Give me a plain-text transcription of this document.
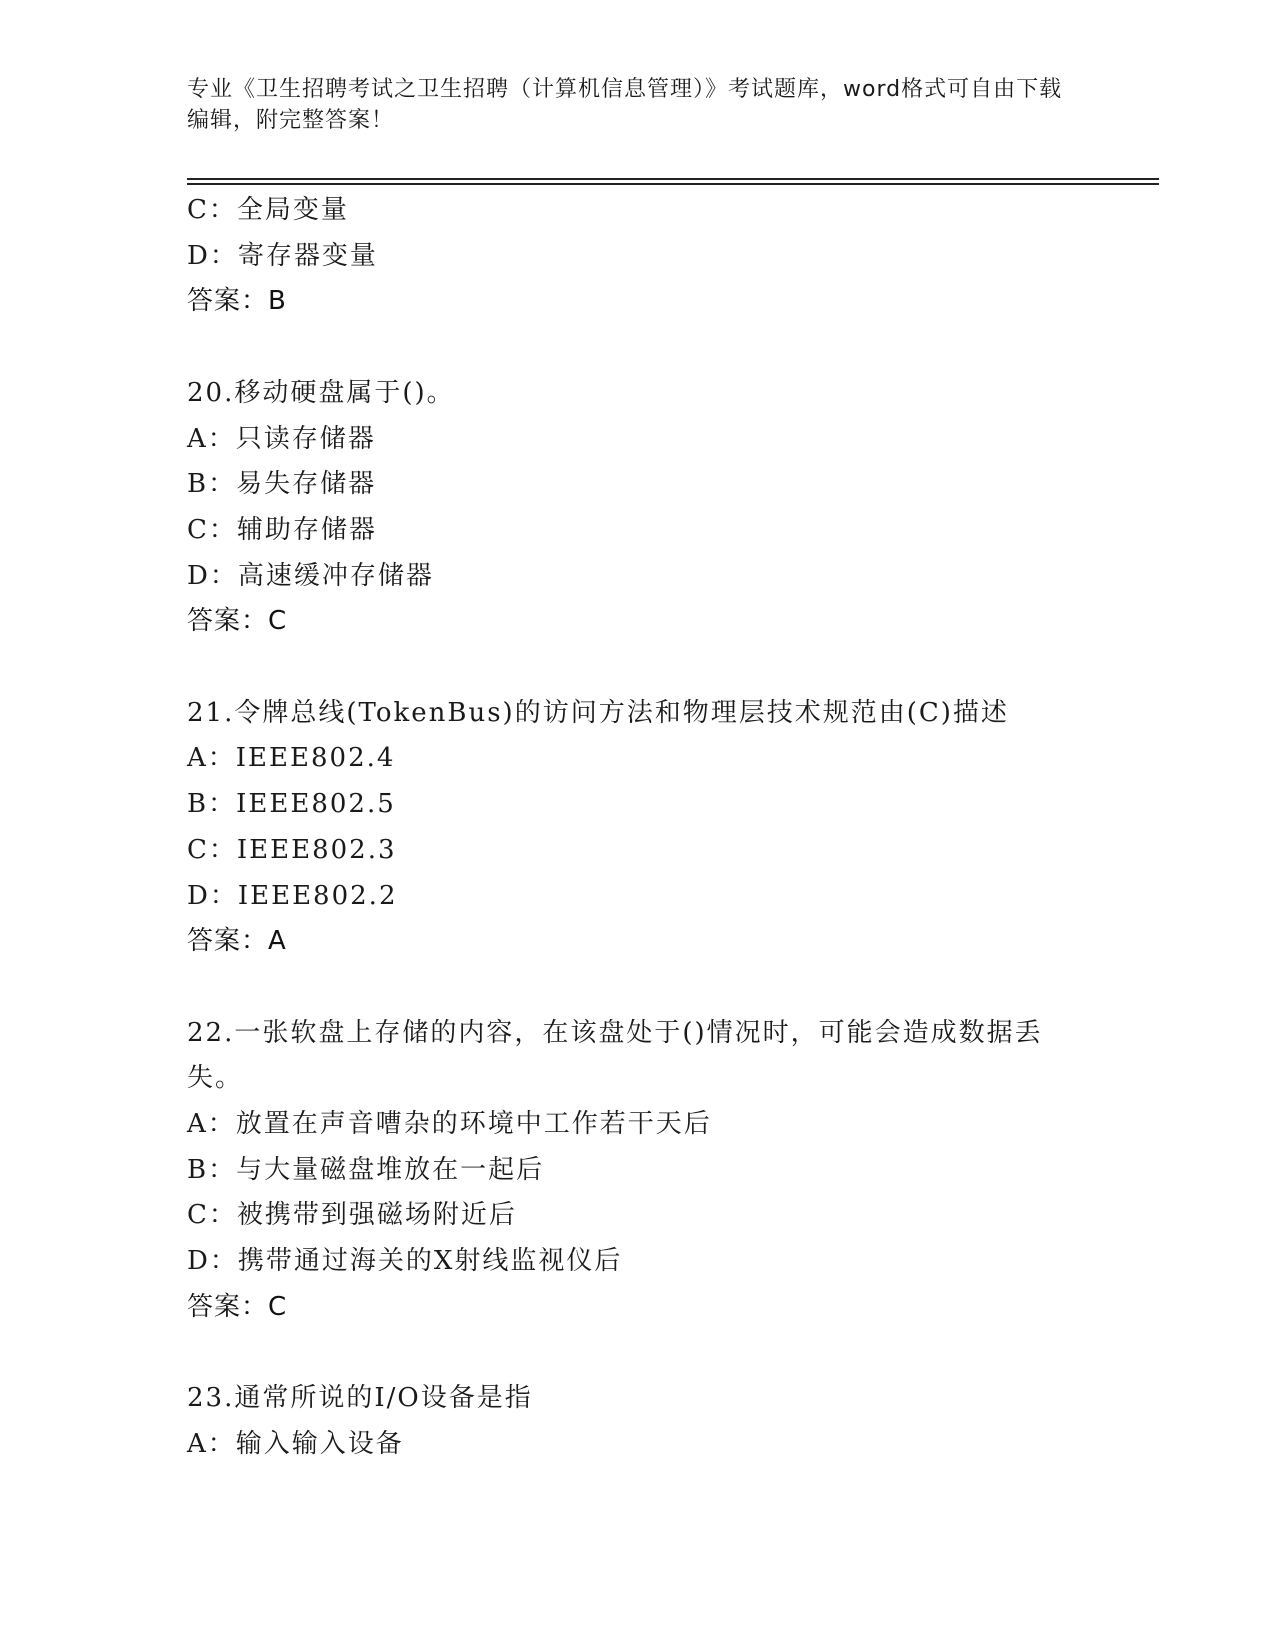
专业《卫生招聘考试之卫生招聘（计算机信息管理）》考试题库，word格式可自由下载编辑，附完整答案！
C：全局变量
D：寄存器变量
答案：B
20.移动硬盘属于()。
A：只读存储器
B：易失存储器
C：辅助存储器
D：高速缓冲存储器
答案：C
21.令牌总线(TokenBus)的访问方法和物理层技术规范由(C)描述
A：IEEE802.4
B：IEEE802.5
C：IEEE802.3
D：IEEE802.2
答案：A
22.一张软盘上存储的内容，在该盘处于()情况时，可能会造成数据丢失。
A：放置在声音嘈杂的环境中工作若干天后
B：与大量磁盘堆放在一起后
C：被携带到强磁场附近后
D：携带通过海关的X射线监视仪后
答案：C
23.通常所说的I/O设备是指
A：输入输入设备
